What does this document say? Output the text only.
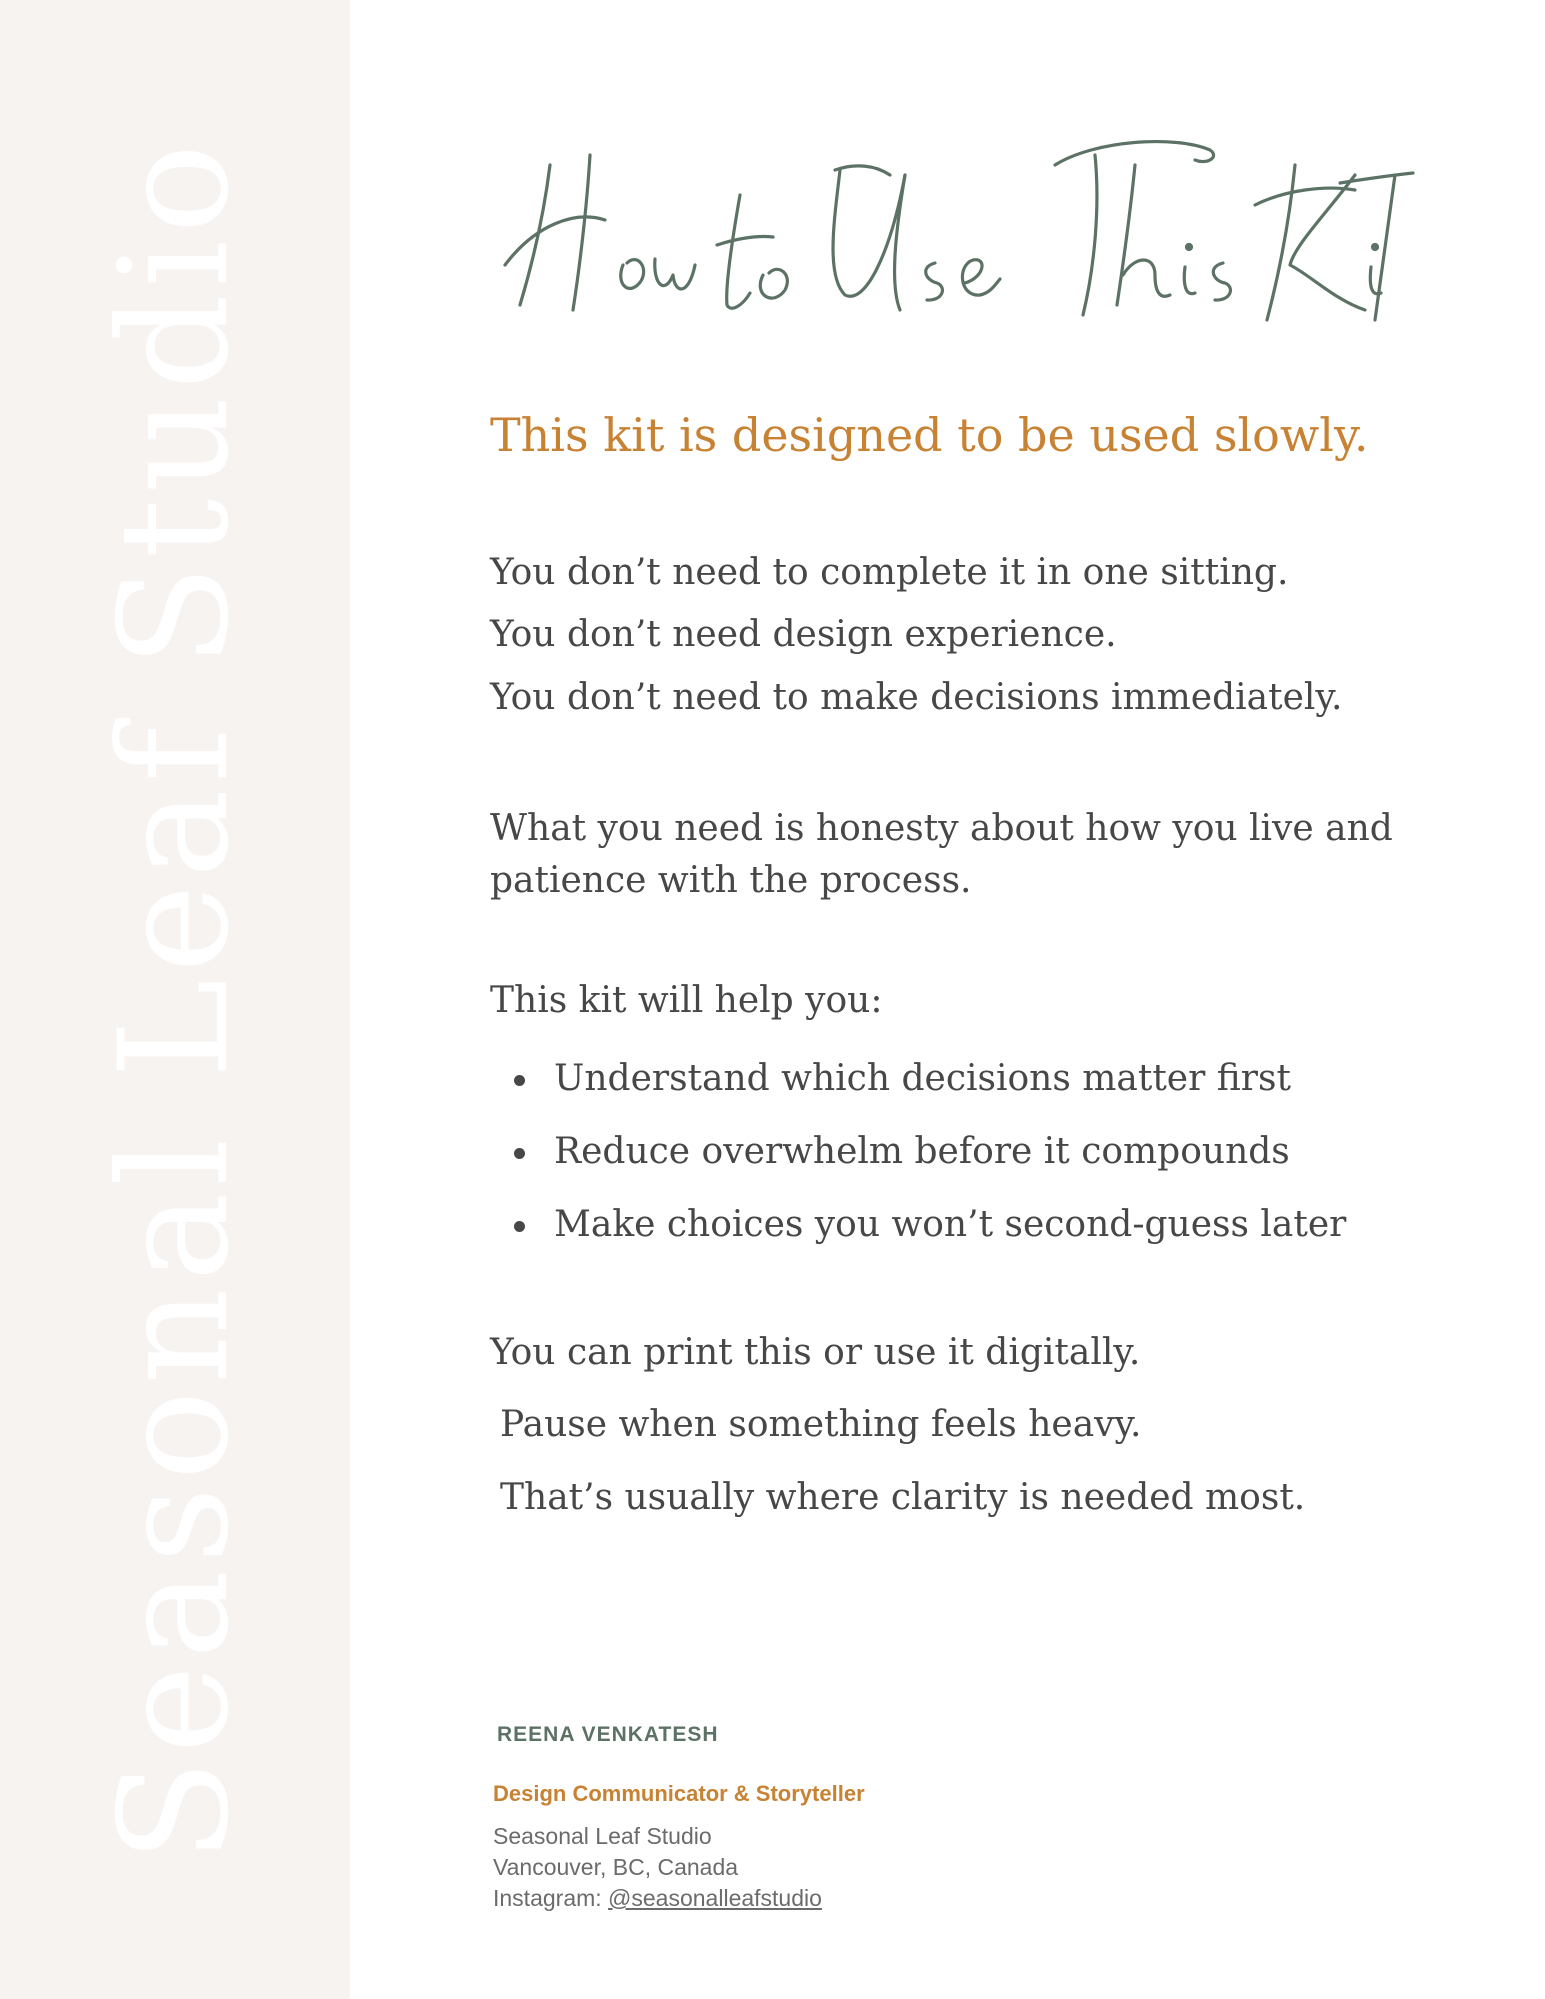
Seasonal Leaf Studio	This kit is designed to be used slowly.

You don’t need to complete it in one sitting.

You don’t need design experience.

You don’t need to make decisions immediately.

What you need is honesty about how you live and

patience with the process.

This kit will help you:

Understand which decisions matter first
Reduce overwhelm before it compounds
Make choices you won’t second-guess later

You can print this or use it digitally.

Pause when something feels heavy.

That’s usually where clarity is needed most.

REENA VENKATESH

Design Communicator & Storyteller

Seasonal Leaf Studio

Vancouver, BC, Canada

Instagram: @seasonalleafstudio
